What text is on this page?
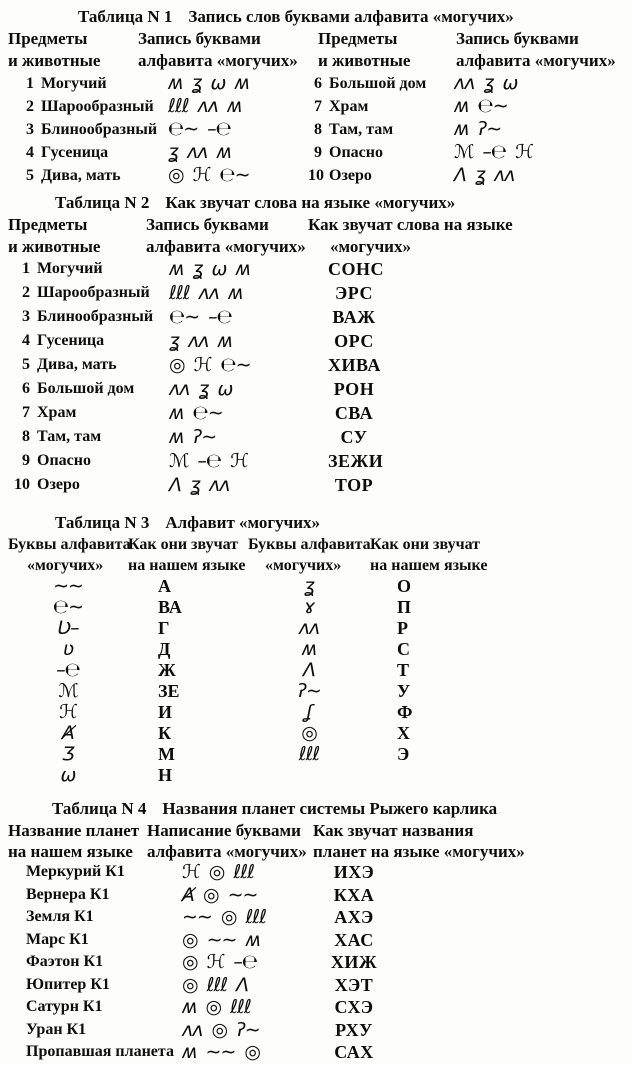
Таблица N 1 Запись слов буквами алфавита «могучих»
Предметы
и животные
Запись буквами
алфавита «могучих»
Предметы
и животные
Запись буквами
алфавита «могучих»
1 Могучий	ʍ ʓ ω ʍ
2 Шарообразный ℓℓℓ ʌʌ ʍ
3 Блинообразный ℮∼ –℮
4 Гусеница	ʓ ʌʌ ʍ
5 Дива, мать	◎ ℋ ℮∼
6 Большой дом	ʌʌ ʓ ω
7 Храм	ʍ ℮∼
8 Там, там	ʍ ʔ∼
9 Опасно	ℳ –℮ ℋ
10 Озеро	Λ ʓ ʌʌ
Таблица N 2 Как звучат слова на языке «могучих»
Предметы
и животные
Запись буквами
алфавита «могучих»
Как звучат слова на языке
«могучих»
1 Могучий	ʍ ʓ ω ʍ	СОНС
2 Шарообразный	ℓℓℓ ʌʌ ʍ	ЭРС
3 Блинообразный ℮∼ –℮	ВАЖ
4 Гусеница	ʓ ʌʌ ʍ	ОРС
5 Дива, мать	◎ ℋ ℮∼	ХИВА
6 Большой дом	ʌʌ ʓ ω	РОН
7 Храм	ʍ ℮∼	СВА
8 Там, там	ʍ ʔ∼	СУ
9 Опасно	ℳ –℮ ℋ	ЗЕЖИ
10 Озеро	Λ ʓ ʌʌ	ТОР
Таблица N 3 Алфавит «могучих»
Буквы алфавита
«могучих»
Как они звучат
на нашем языке
∼∼	А
℮∼	ВА
Ʋ–	Г
ʋ	Д
–℮	Ж
ℳ	ЗЕ
ℋ	И
Ⱥ	К
Ʒ	М
ω	Н
Буквы алфавита
«могучих»
Как они звучат
на нашем языке
ʓ	О
ɤ	П
ʌʌ	Р
ʍ	С
Λ	Т
ʔ∼	У
ʆ	Ф
◎	Х
ℓℓℓ	Э
Таблица N 4 Названия планет системы Рыжего карлика
Название планет
на нашем языке
Написание буквами
алфавита «могучих»
Как звучат названия
планет на языке «могучих»
Меркурий К1	ℋ ◎ ℓℓℓ	ИХЭ
Вернера К1	Ⱥ ◎ ∼∼	КХА
Земля К1	∼∼ ◎ ℓℓℓ	АХЭ
Марс К1	◎ ∼∼ ʍ	ХАС
Фаэтон К1	◎ ℋ –℮	ХИЖ
Юпитер К1	◎ ℓℓℓ Λ	ХЭТ
Сатурн К1	ʍ ◎ ℓℓℓ	СХЭ
Уран К1	ʌʌ ◎ ʔ∼	РХУ
Пропавшая планета ʍ ∼∼ ◎	САХ
